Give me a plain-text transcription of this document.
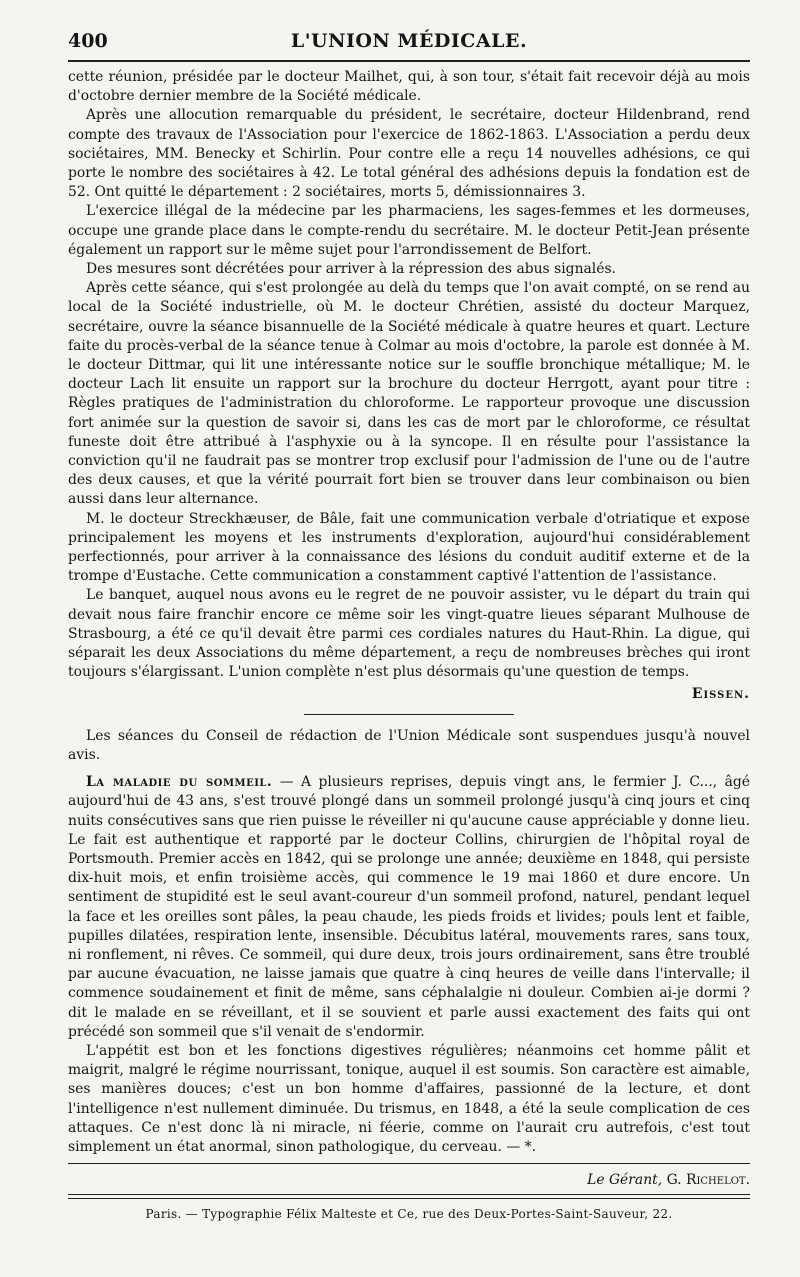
400	L'UNION MÉDICALE.

cette réunion, présidée par le docteur Mailhet, qui, à son tour, s'était fait recevoir déjà au mois d'octobre dernier membre de la Société médicale.

Après une allocution remarquable du président, le secrétaire, docteur Hildenbrand, rend compte des travaux de l'Association pour l'exercice de 1862-1863. L'Association a perdu deux sociétaires, MM. Benecky et Schirlin. Pour contre elle a reçu 14 nouvelles adhésions, ce qui porte le nombre des sociétaires à 42. Le total général des adhésions depuis la fondation est de 52. Ont quitté le département : 2 sociétaires, morts 5, démissionnaires 3.

L'exercice illégal de la médecine par les pharmaciens, les sages-femmes et les dormeuses, occupe une grande place dans le compte-rendu du secrétaire. M. le docteur Petit-Jean présente également un rapport sur le même sujet pour l'arrondissement de Belfort.

Des mesures sont décrétées pour arriver à la répression des abus signalés.

Après cette séance, qui s'est prolongée au delà du temps que l'on avait compté, on se rend au local de la Société industrielle, où M. le docteur Chrétien, assisté du docteur Marquez, secrétaire, ouvre la séance bisannuelle de la Société médicale à quatre heures et quart. Lecture faite du procès-verbal de la séance tenue à Colmar au mois d'octobre, la parole est donnée à M. le docteur Dittmar, qui lit une intéressante notice sur le souffle bronchique métallique; M. le docteur Lach lit ensuite un rapport sur la brochure du docteur Herrgott, ayant pour titre : Règles pratiques de l'administration du chloroforme. Le rapporteur provoque une discussion fort animée sur la question de savoir si, dans les cas de mort par le chloroforme, ce résultat funeste doit être attribué à l'asphyxie ou à la syncope. Il en résulte pour l'assistance la conviction qu'il ne faudrait pas se montrer trop exclusif pour l'admission de l'une ou de l'autre des deux causes, et que la vérité pourrait fort bien se trouver dans leur combinaison ou bien aussi dans leur alternance.

M. le docteur Streckhæuser, de Bâle, fait une communication verbale d'otriatique et expose principalement les moyens et les instruments d'exploration, aujourd'hui considérablement perfectionnés, pour arriver à la connaissance des lésions du conduit auditif externe et de la trompe d'Eustache. Cette communication a constamment captivé l'attention de l'assistance.

Le banquet, auquel nous avons eu le regret de ne pouvoir assister, vu le départ du train qui devait nous faire franchir encore ce même soir les vingt-quatre lieues séparant Mulhouse de Strasbourg, a été ce qu'il devait être parmi ces cordiales natures du Haut-Rhin. La digue, qui séparait les deux Associations du même département, a reçu de nombreuses brèches qui iront toujours s'élargissant. L'union complète n'est plus désormais qu'une question de temps.

Eissen.

Les séances du Conseil de rédaction de l'Union Médicale sont suspendues jusqu'à nouvel avis.

La maladie du sommeil. — A plusieurs reprises, depuis vingt ans, le fermier J. C..., âgé aujourd'hui de 43 ans, s'est trouvé plongé dans un sommeil prolongé jusqu'à cinq jours et cinq nuits consécutives sans que rien puisse le réveiller ni qu'aucune cause appréciable y donne lieu. Le fait est authentique et rapporté par le docteur Collins, chirurgien de l'hôpital royal de Portsmouth. Premier accès en 1842, qui se prolonge une année; deuxième en 1848, qui persiste dix-huit mois, et enfin troisième accès, qui commence le 19 mai 1860 et dure encore. Un sentiment de stupidité est le seul avant-coureur d'un sommeil profond, naturel, pendant lequel la face et les oreilles sont pâles, la peau chaude, les pieds froids et livides; pouls lent et faible, pupilles dilatées, respiration lente, insensible. Décubitus latéral, mouvements rares, sans toux, ni ronflement, ni rêves. Ce sommeil, qui dure deux, trois jours ordinairement, sans être troublé par aucune évacuation, ne laisse jamais que quatre à cinq heures de veille dans l'intervalle; il commence soudainement et finit de même, sans céphalalgie ni douleur. Combien ai-je dormi ? dit le malade en se réveillant, et il se souvient et parle aussi exactement des faits qui ont précédé son sommeil que s'il venait de s'endormir.

L'appétit est bon et les fonctions digestives régulières; néanmoins cet homme pâlit et maigrit, malgré le régime nourrissant, tonique, auquel il est soumis. Son caractère est aimable, ses manières douces; c'est un bon homme d'affaires, passionné de la lecture, et dont l'intelligence n'est nullement diminuée. Du trismus, en 1848, a été la seule complication de ces attaques. Ce n'est donc là ni miracle, ni féerie, comme on l'aurait cru autrefois, c'est tout simplement un état anormal, sinon pathologique, du cerveau. — *.

Le Gérant, G. Richelot.
Paris. — Typographie Félix Malteste et Ce, rue des Deux-Portes-Saint-Sauveur, 22.
